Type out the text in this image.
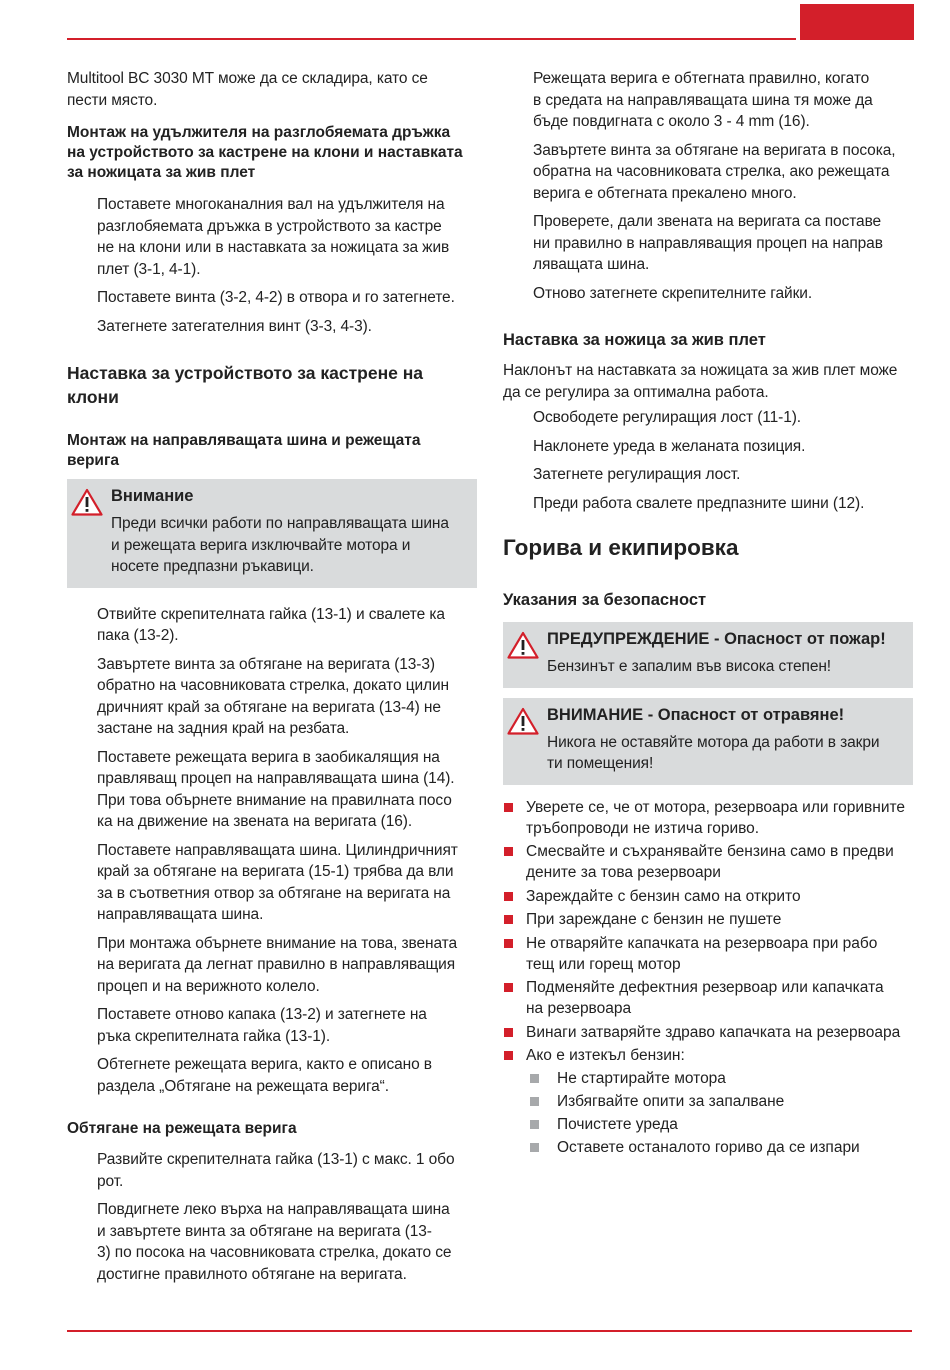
Multitool BC 3030 MT може да се складира, като се
пести място.

Монтаж на удължителя на разглобяемата дръжка
на устройството за кастрене на клони и наставката
за ножицата за жив плет

Поставете многоканалния вал на удължителя на
разглобяемата дръжка в устройството за кастре
не на клони или в наставката за ножицата за жив
плет (3-1, 4-1).

Поставете винта (3-2, 4-2) в отвора и го затегнете.

Затегнете затегателния винт (3-3, 4-3).

Наставка за устройството за кастрене на
клони
Монтаж на направляващата шина и режещата
верига
Внимание

Преди всички работи по направляващата шина
и режещата верига изключвайте мотора и
носете предпазни ръкавици.

Отвийте скрепителната гайка (13-1) и свалете ка
пака (13-2).

Завъртете винта за обтягане на веригата (13-3)
обратно на часовниковата стрелка, докато цилин
дричният край за обтягане на веригата (13-4) не
застане на задния край на резбата.

Поставете режещата верига в заобикалящия на
правляващ процеп на направляващата шина (14).
При това обърнете внимание на правилната посо
ка на движение на звената на веригата (16).

Поставете направляващата шина. Цилиндричният
край за обтягане на веригата (15-1) трябва да вли
за в съответния отвор за обтягане на веригата на
направляващата шина.

При монтажа обърнете внимание на това, звената
на веригата да легнат правилно в направляващия
процеп и на верижното колело.

Поставете отново капака (13-2) и затегнете на
ръка скрепителната гайка (13-1).

Обтегнете режещата верига, както е описано в
раздела „Обтягане на режещата верига“.

Обтягане на режещата верига

Развийте скрепителната гайка (13-1) с макс. 1 обо
рот.

Повдигнете леко върха на направляващата шина
и завъртете винта за обтягане на веригата (13-
3) по посока на часовниковата стрелка, докато се
достигне правилното обтягане на веригата.

Режещата верига е обтегната правилно, когато
в средата на направляващата шина тя може да
бъде повдигната с около 3 - 4 mm (16).

Завъртете винта за обтягане на веригата в посока,
обратна на часовниковата стрелка, ако режещата
верига е обтегната прекалено много.

Проверете, дали звената на веригата са поставе
ни правилно в направляващия процеп на направ
ляващата шина.

Отново затегнете скрепителните гайки.

Наставка за ножица за жив плет

Наклонът на наставката за ножицата за жив плет може
да се регулира за оптимална работа.

Освободете регулиращия лост (11-1).

Наклонете уреда в желаната позиция.

Затегнете регулиращия лост.

Преди работа свалете предпазните шини (12).

Горива и екипировка
Указания за безопасност
ПРЕДУПРЕЖДЕНИЕ - Опасност от пожар!

Бензинът е запалим във висока степен!

ВНИМАНИЕ - Опасност от отравяне!

Никога не оставяйте мотора да работи в закри
ти помещения!

Уверете се, че от мотора, резервоара или горивните
тръбопроводи не изтича гориво.
Смесвайте и съхранявайте бензина само в предви
дените за това резервоари
Зареждайте с бензин само на открито
При зареждане с бензин не пушете
Не отваряйте капачката на резервоара при рабо
тещ или горещ мотор
Подменяйте дефектния резервоар или капачката
на резервоара
Винаги затваряйте здраво капачката на резервоара
Ако е изтекъл бензин:
Не стартирайте мотора
Избягвайте опити за запалване
Почистете уреда
Оставете останалото гориво да се изпари
